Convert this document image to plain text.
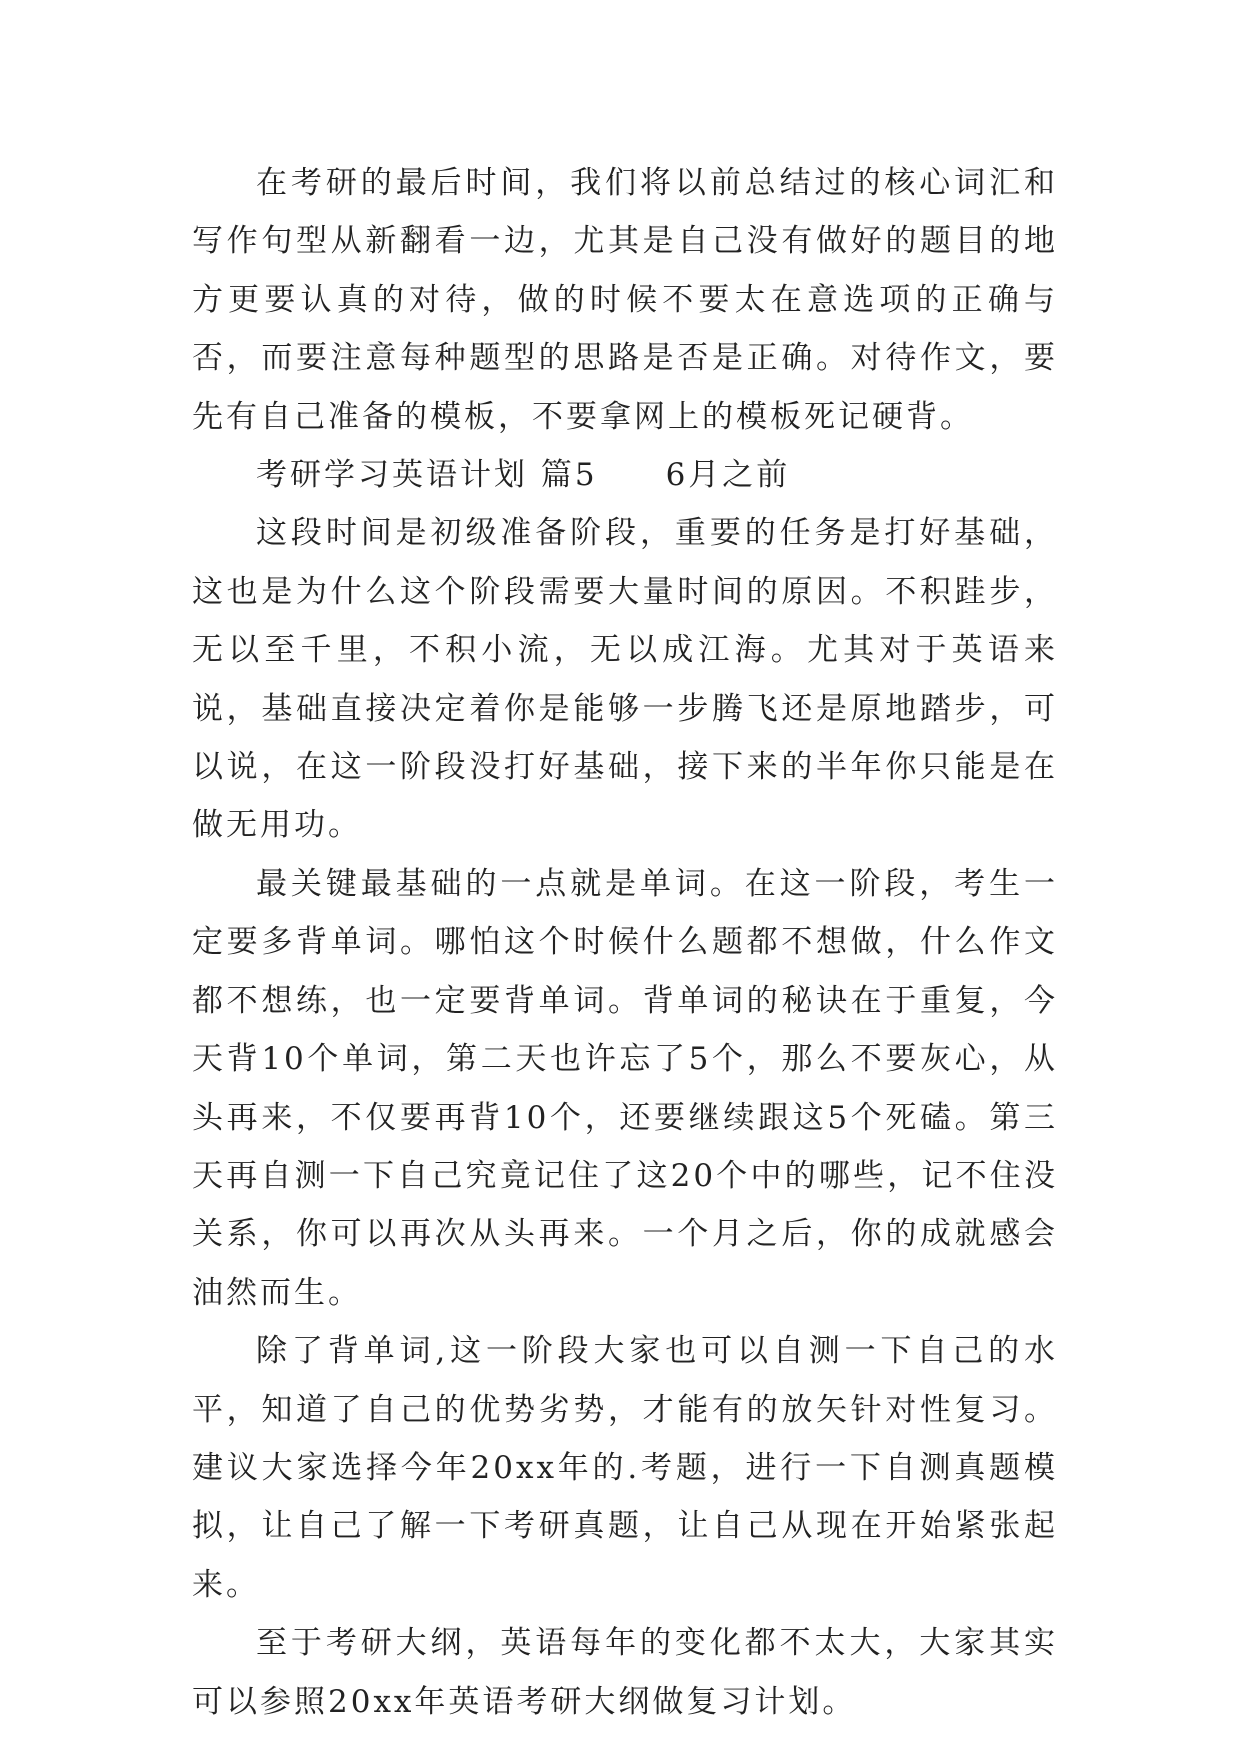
在考研的最后时间，我们将以前总结过的核心词汇和写作句型从新翻看一边，尤其是自己没有做好的题目的地方更要认真的对待，做的时候不要太在意选项的正确与否，而要注意每种题型的思路是否是正确。对待作文，要先有自己准备的模板，不要拿网上的模板死记硬背。

考研学习英语计划 篇5　　6月之前

这段时间是初级准备阶段，重要的任务是打好基础，这也是为什么这个阶段需要大量时间的原因。不积跬步，无以至千里，不积小流，无以成江海。尤其对于英语来说，基础直接决定着你是能够一步腾飞还是原地踏步，可以说，在这一阶段没打好基础，接下来的半年你只能是在做无用功。

最关键最基础的一点就是单词。在这一阶段，考生一定要多背单词。哪怕这个时候什么题都不想做，什么作文都不想练，也一定要背单词。背单词的秘诀在于重复，今天背10个单词，第二天也许忘了5个，那么不要灰心，从头再来，不仅要再背10个，还要继续跟这5个死磕。第三天再自测一下自己究竟记住了这20个中的哪些，记不住没关系，你可以再次从头再来。一个月之后，你的成就感会油然而生。

除了背单词,这一阶段大家也可以自测一下自己的水平，知道了自己的优势劣势，才能有的放矢针对性复习。建议大家选择今年20xx年的.考题，进行一下自测真题模拟，让自己了解一下考研真题，让自己从现在开始紧张起来。

至于考研大纲，英语每年的变化都不太大，大家其实可以参照20xx年英语考研大纲做复习计划。
